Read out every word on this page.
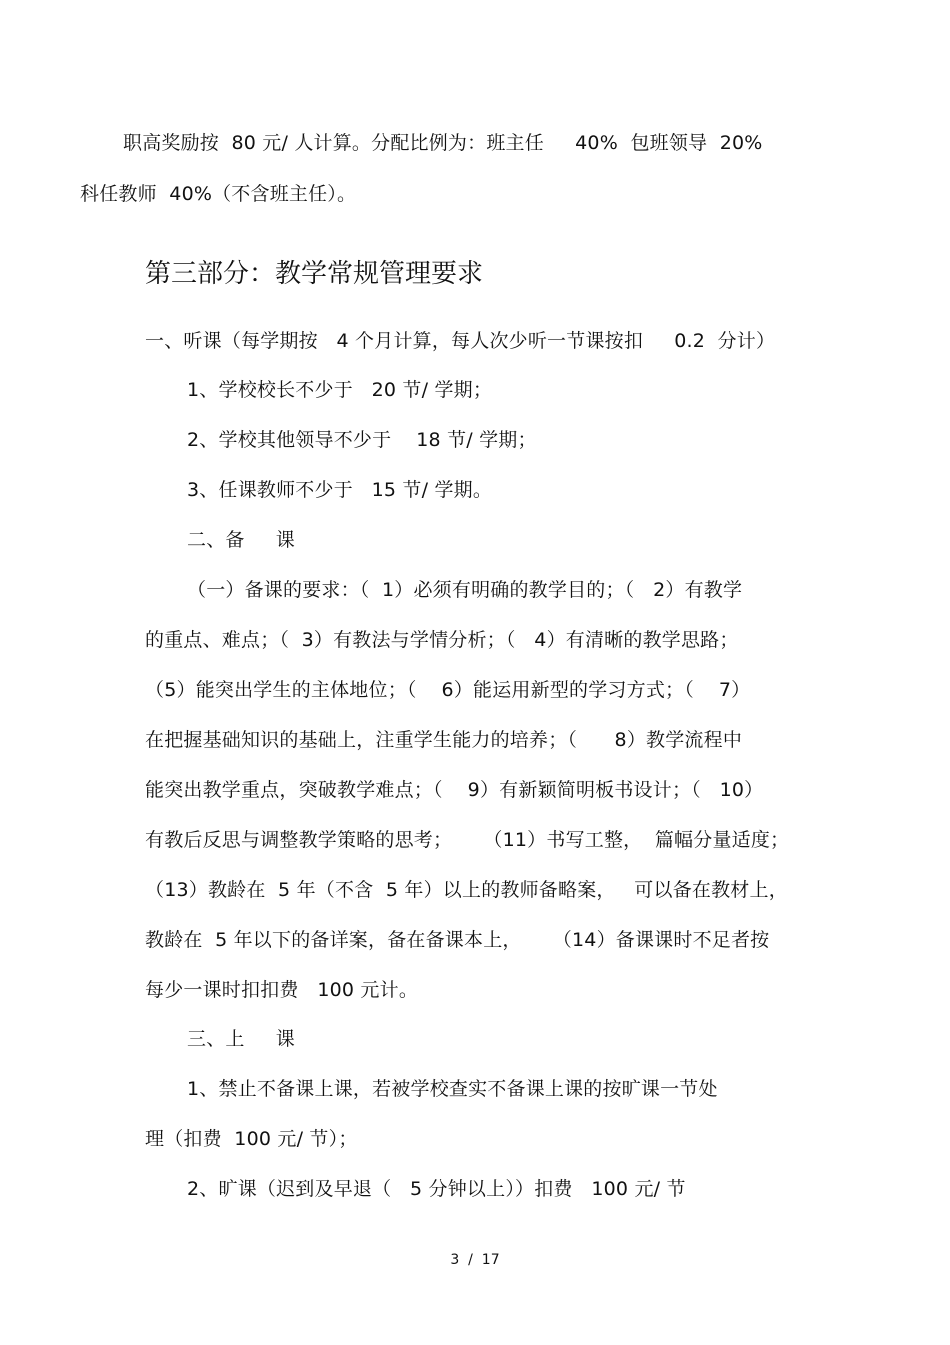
职高奖励按  80 元/ 人计算。分配比例为：班主任     40%  包班领导  20%
科任教师  40%（不含班主任）。
第三部分：教学常规管理要求
一、听课（每学期按   4 个月计算，每人次少听一节课按扣     0.2  分计）
1、学校校长不少于   20 节/ 学期；
2、学校其他领导不少于    18 节/ 学期；
3、任课教师不少于   15 节/ 学期。
二、备     课
（一）备课的要求：（  1）必须有明确的教学目的；（   2）有教学
的重点、难点；（  3）有教法与学情分析；（   4）有清晰的教学思路；
（5）能突出学生的主体地位；（    6）能运用新型的学习方式；（    7）
在把握基础知识的基础上，注重学生能力的培养；（      8）教学流程中
能突出教学重点，突破教学难点；（    9）有新颖简明板书设计；（   10）
有教后反思与调整教学策略的思考；     （11）书写工整，  篇幅分量适度；
（13）教龄在  5 年（不含  5 年）以上的教师备略案，   可以备在教材上，
教龄在  5 年以下的备详案，备在备课本上，     （14）备课课时不足者按
每少一课时扣扣费   100 元计。
三、上     课
1、禁止不备课上课，若被学校查实不备课上课的按旷课一节处
理（扣费  100 元/ 节）；
2、旷课（迟到及早退（   5 分钟以上））扣费   100 元/ 节
3  /  17
